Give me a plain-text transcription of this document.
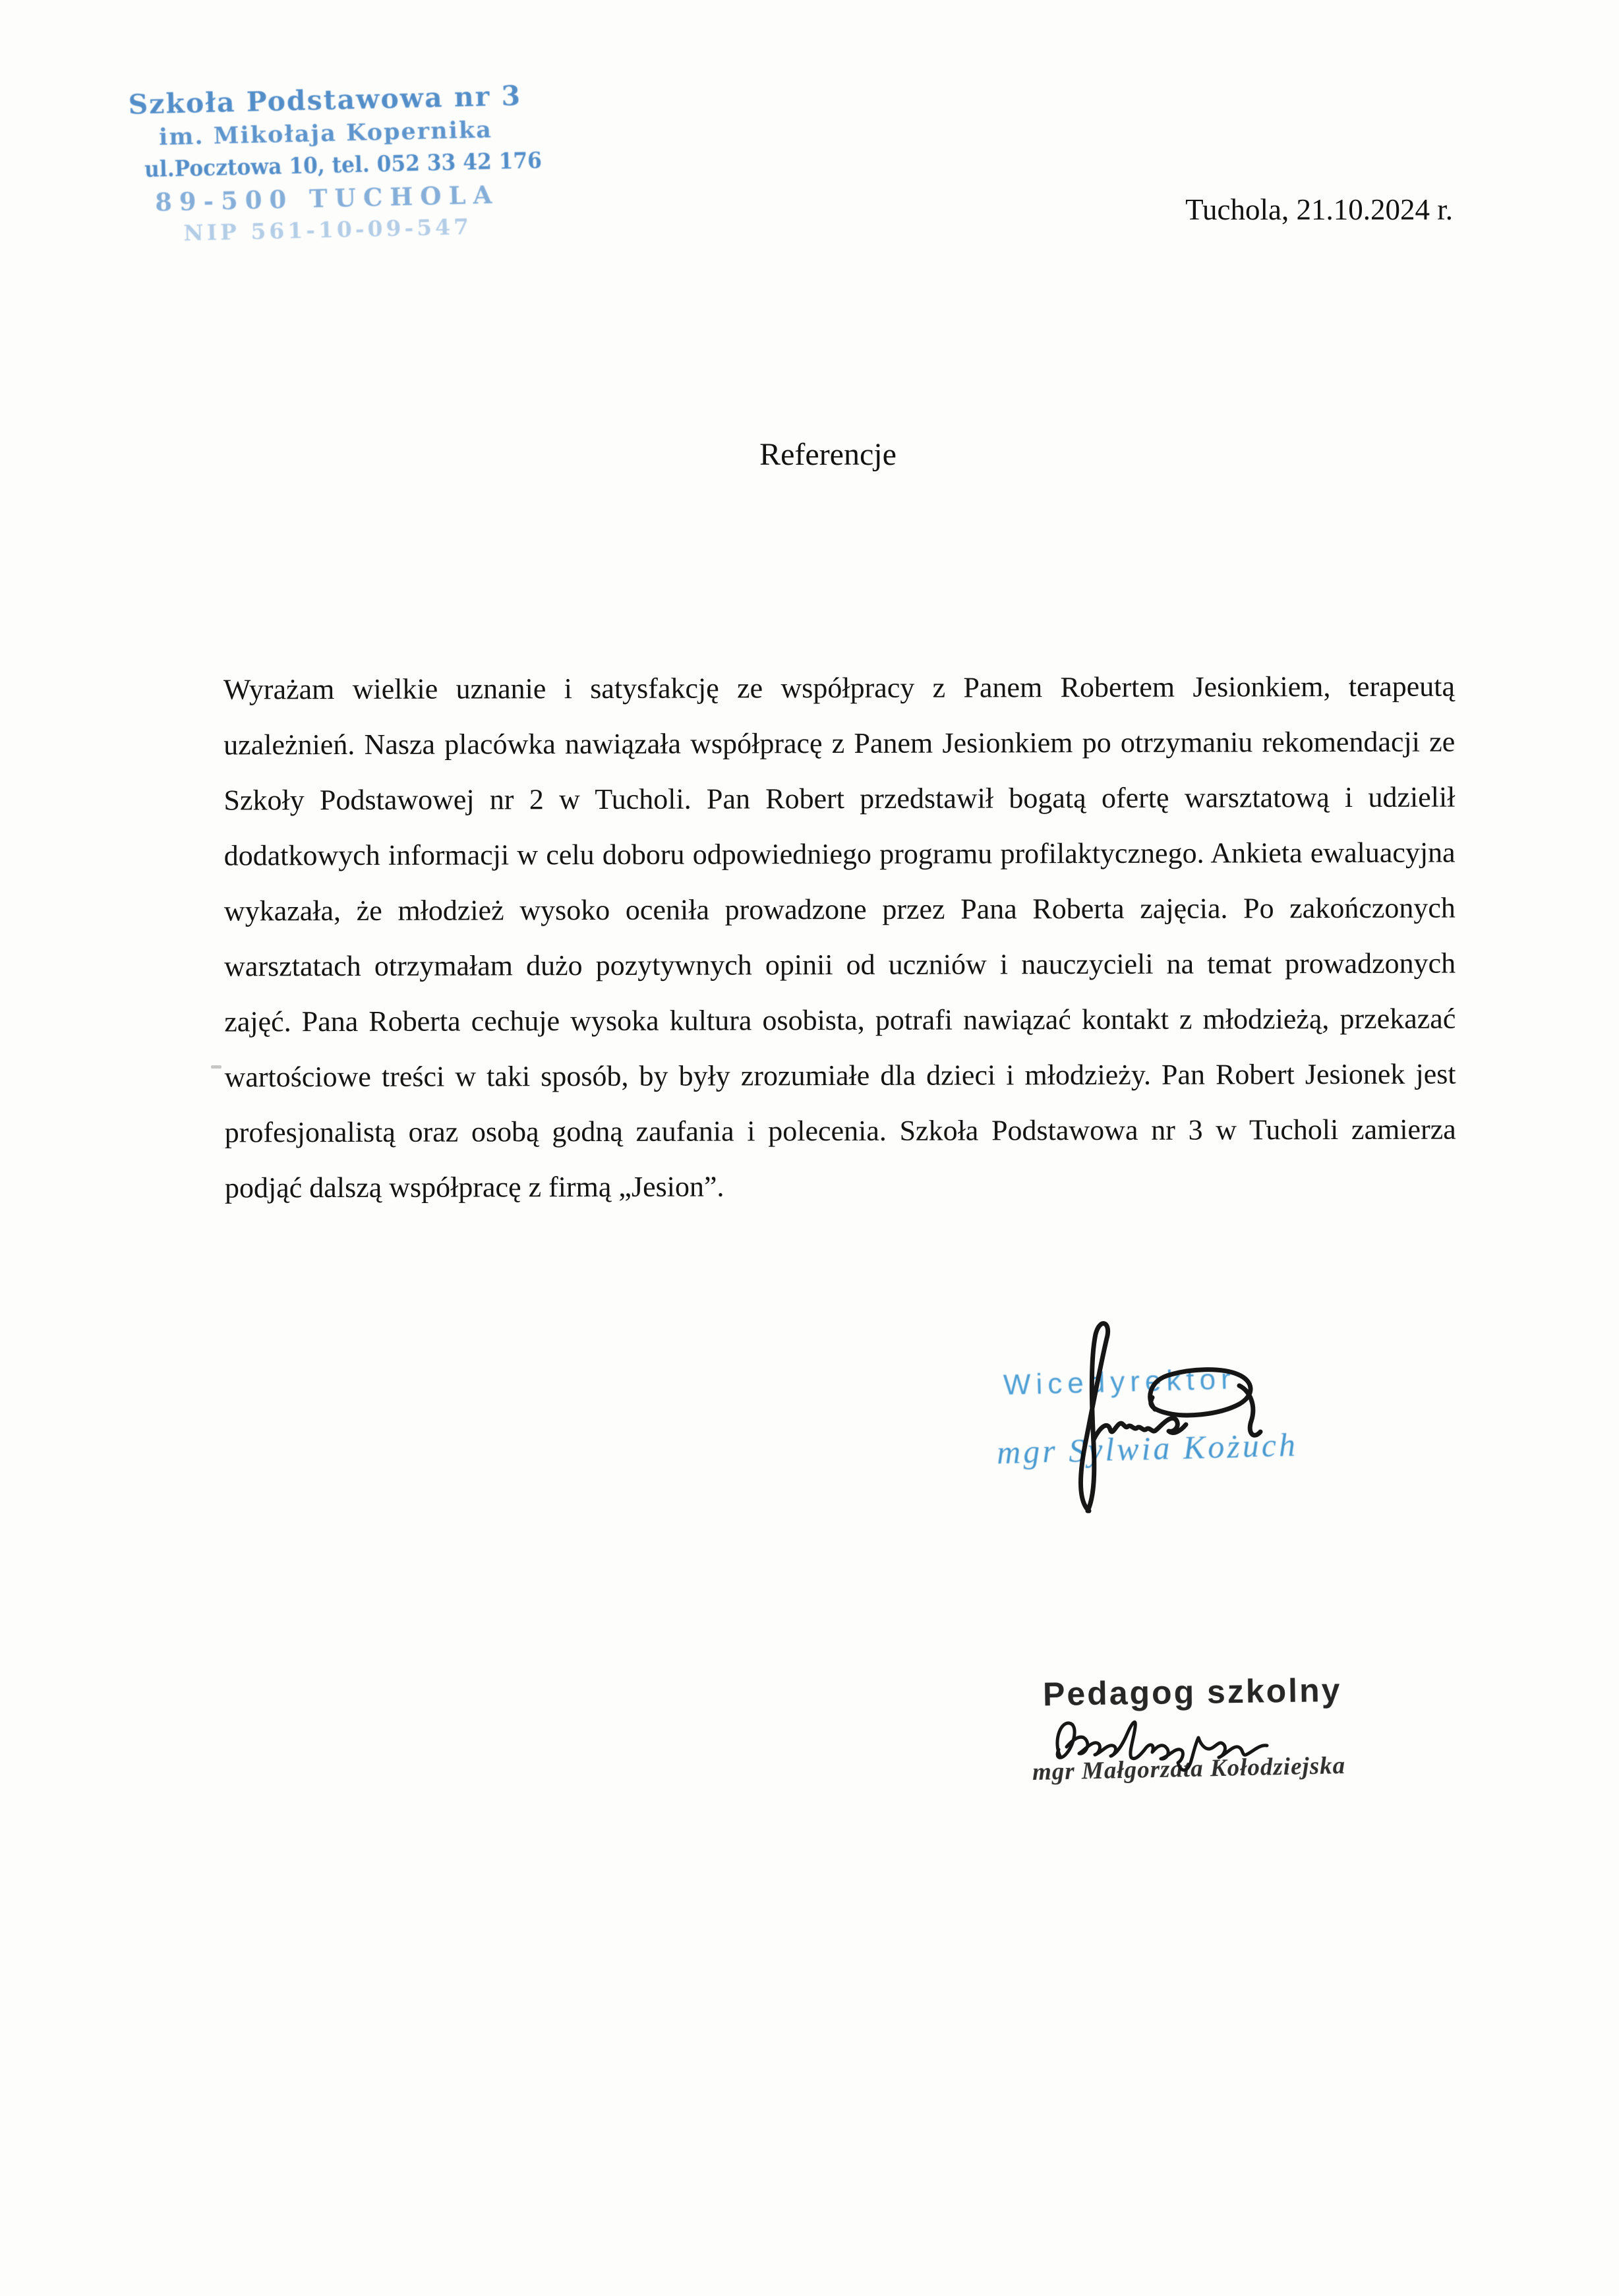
Szkoła Podstawowa nr 3
im. Mikołaja Kopernika
ul.Pocztowa 10, tel. 052 33 42 176
89-500 TUCHOLA
NIP 561-10-09-547
Tuchola, 21.10.2024 r.
Referencje
Wyrażam wielkie uznanie i satysfakcję ze współpracy z Panem Robertem Jesionkiem, terapeutą uzależnień. Nasza placówka nawiązała współpracę z Panem Jesionkiem po otrzymaniu rekomendacji ze Szkoły Podstawowej nr 2 w Tucholi. Pan Robert przedstawił bogatą ofertę warsztatową i udzielił dodatkowych informacji w celu doboru odpowiedniego programu profilaktycznego. Ankieta ewaluacyjna wykazała, że młodzież wysoko oceniła prowadzone przez Pana Roberta zajęcia. Po zakończonych warsztatach otrzymałam dużo pozytywnych opinii od uczniów i nauczycieli na temat prowadzonych zajęć. Pana Roberta cechuje wysoka kultura osobista, potrafi nawiązać kontakt z młodzieżą, przekazać wartościowe treści w taki sposób, by były zrozumiałe dla dzieci i młodzieży. Pan Robert Jesionek jest profesjonalistą oraz osobą godną zaufania i polecenia. Szkoła Podstawowa nr 3 w Tucholi zamierza podjąć dalszą współpracę z firmą „Jesion”.
Wicedyrektor
mgr Sylwia Kożuch
Pedagog szkolny
mgr Małgorzata Kołodziejska
